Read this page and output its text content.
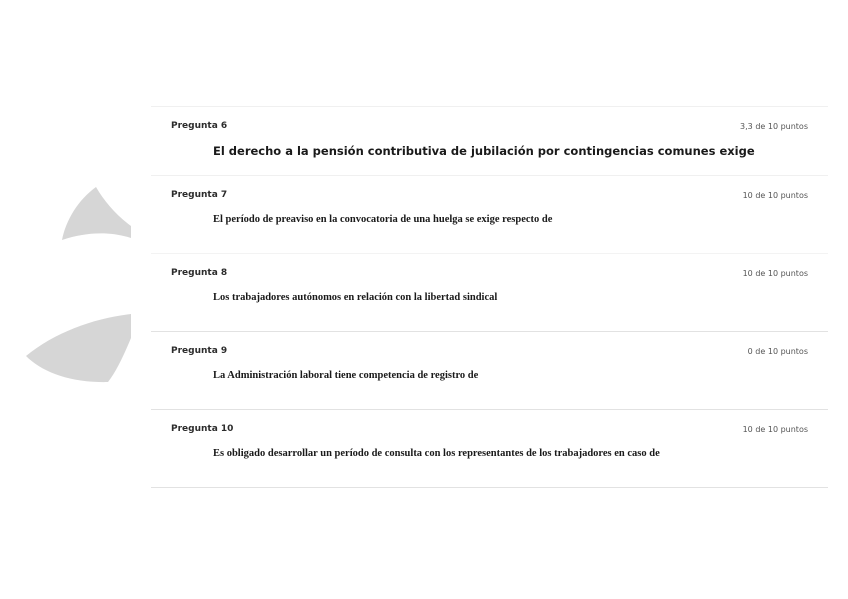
Pregunta 6	3,3 de 10 puntos
El derecho a la pensión contributiva de jubilación por contingencias comunes exige
Pregunta 7	10 de 10 puntos
El período de preaviso en la convocatoria de una huelga se exige respecto de
Pregunta 8	10 de 10 puntos
Los trabajadores autónomos en relación con la libertad sindical
Pregunta 9	0 de 10 puntos
La Administración laboral tiene competencia de registro de
Pregunta 10	10 de 10 puntos
Es obligado desarrollar un período de consulta con los representantes de los trabajadores en caso de
